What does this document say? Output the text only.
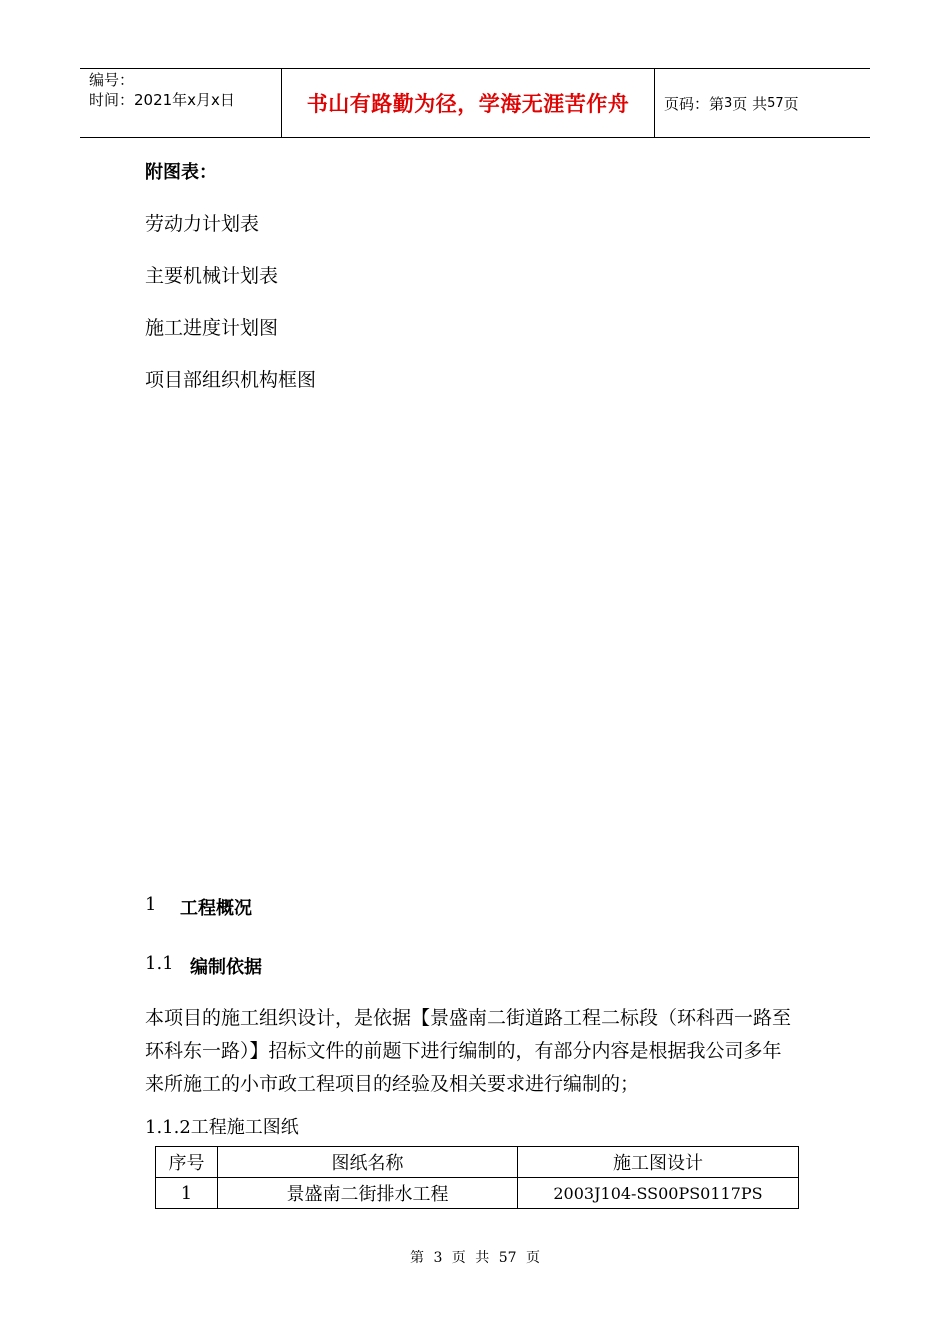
编号：
时间：2021年x月x日	书山有路勤为径，学海无涯苦作舟	页码：第 3 页 共 57 页
附图表：
劳动力计划表
主要机械计划表
施工进度计划图
项目部组织机构框图
1 工程概况
1.1 编制依据
本项目的施工组织设计，是依据【景盛南二街道路工程二标段（环科西一路至
环科东一路）】招标文件的前题下进行编制的，有部分内容是根据我公司多年
来所施工的小市政工程项目的经验及相关要求进行编制的；
1.1.2工程施工图纸
序号	图纸名称	施工图设计
1	景盛南二街排水工程	2003J104-SS00PS0117PS
第 3 页 共 57 页
